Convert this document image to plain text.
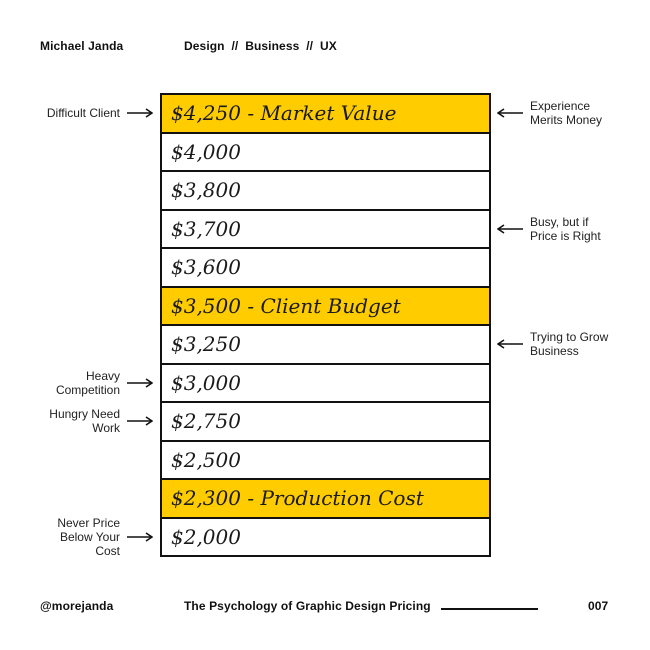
Michael Janda	Design  //  Business  //  UX
$4,250 - Market Value
$4,000
$3,800
$3,700
$3,600
$3,500 - Client Budget
$3,250
$3,000
$2,750
$2,500
$2,300 - Production Cost
$2,000
Difficult Client
Heavy
Competition
Hungry Need
Work
Never Price
Below Your
Cost
Experience
Merits Money
Busy, but if
Price is Right
Trying to Grow
Business
@morejanda	The Psychology of Graphic Design Pricing	007
